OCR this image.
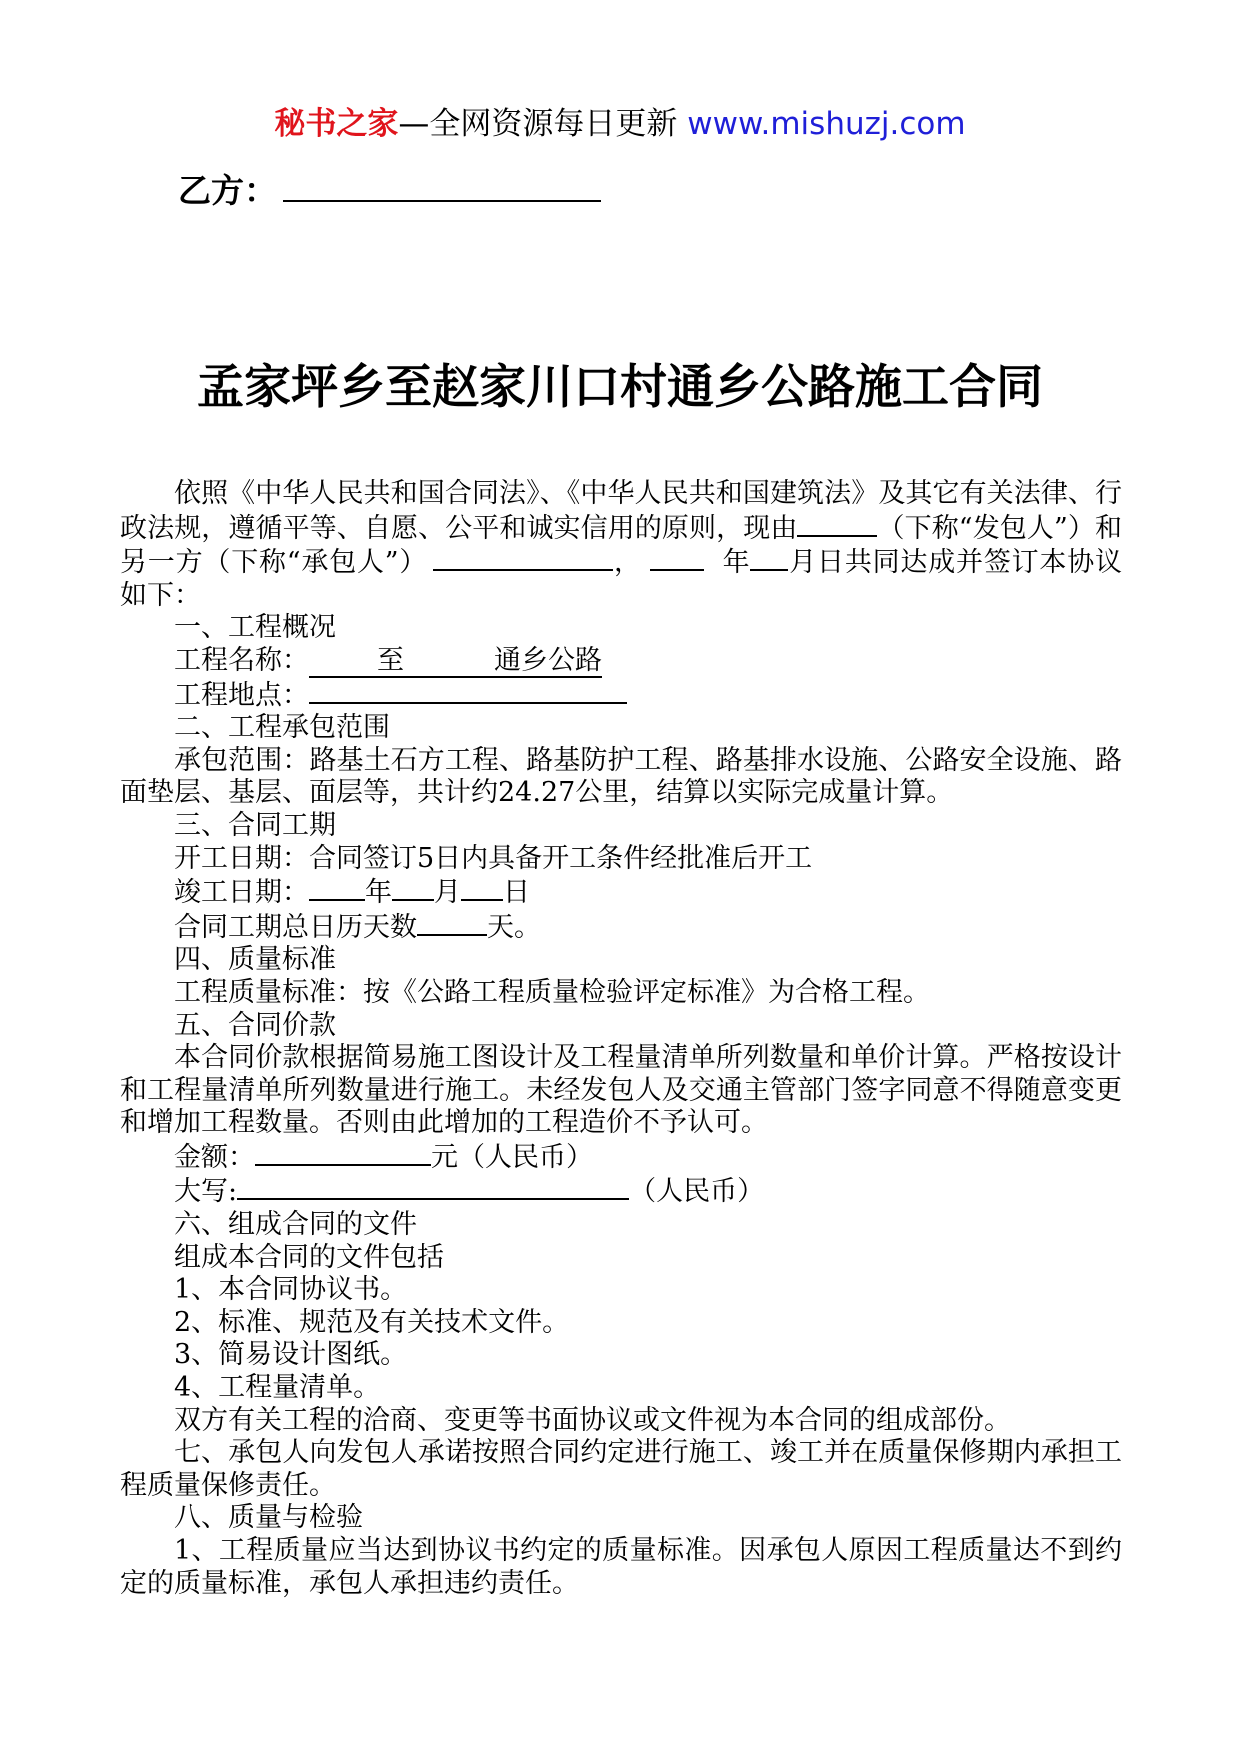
秘书之家—全网资源每日更新 www.mishuzj.com
乙方：
孟家坪乡至赵家川口村通乡公路施工合同

依照《中华人民共和国合同法》、《中华人民共和国建筑法》及其它有关法律、行政法规，遵循平等、自愿、公平和诚实信用的原则，现由	（下称“发包人”）和另一方（下称“承包人”）	，	年 月日共同达成并签订本协议如下：

一、工程概况

工程名称：	至	通乡公路

工程地点：

二、工程承包范围

承包范围：路基土石方工程、路基防护工程、路基排水设施、公路安全设施、路面垫层、基层、面层等，共计约24.27公里，结算以实际完成量计算。

三、合同工期

开工日期：合同签订5日内具备开工条件经批准后开工

竣工日期： 年 月 日

合同工期总日历天数	天。

四、质量标准

工程质量标准：按《公路工程质量检验评定标准》为合格工程。

五、合同价款

本合同价款根据简易施工图设计及工程量清单所列数量和单价计算。严格按设计和工程量清单所列数量进行施工。未经发包人及交通主管部门签字同意不得随意变更和增加工程数量。否则由此增加的工程造价不予认可。

金额：	元（人民币）

大写:	（人民币）

六、组成合同的文件

组成本合同的文件包括

1、本合同协议书。

2、标准、规范及有关技术文件。

3、简易设计图纸。

4、工程量清单。

双方有关工程的洽商、变更等书面协议或文件视为本合同的组成部份。

七、承包人向发包人承诺按照合同约定进行施工、竣工并在质量保修期内承担工程质量保修责任。

八、质量与检验

1、工程质量应当达到协议书约定的质量标准。因承包人原因工程质量达不到约定的质量标准，承包人承担违约责任。
